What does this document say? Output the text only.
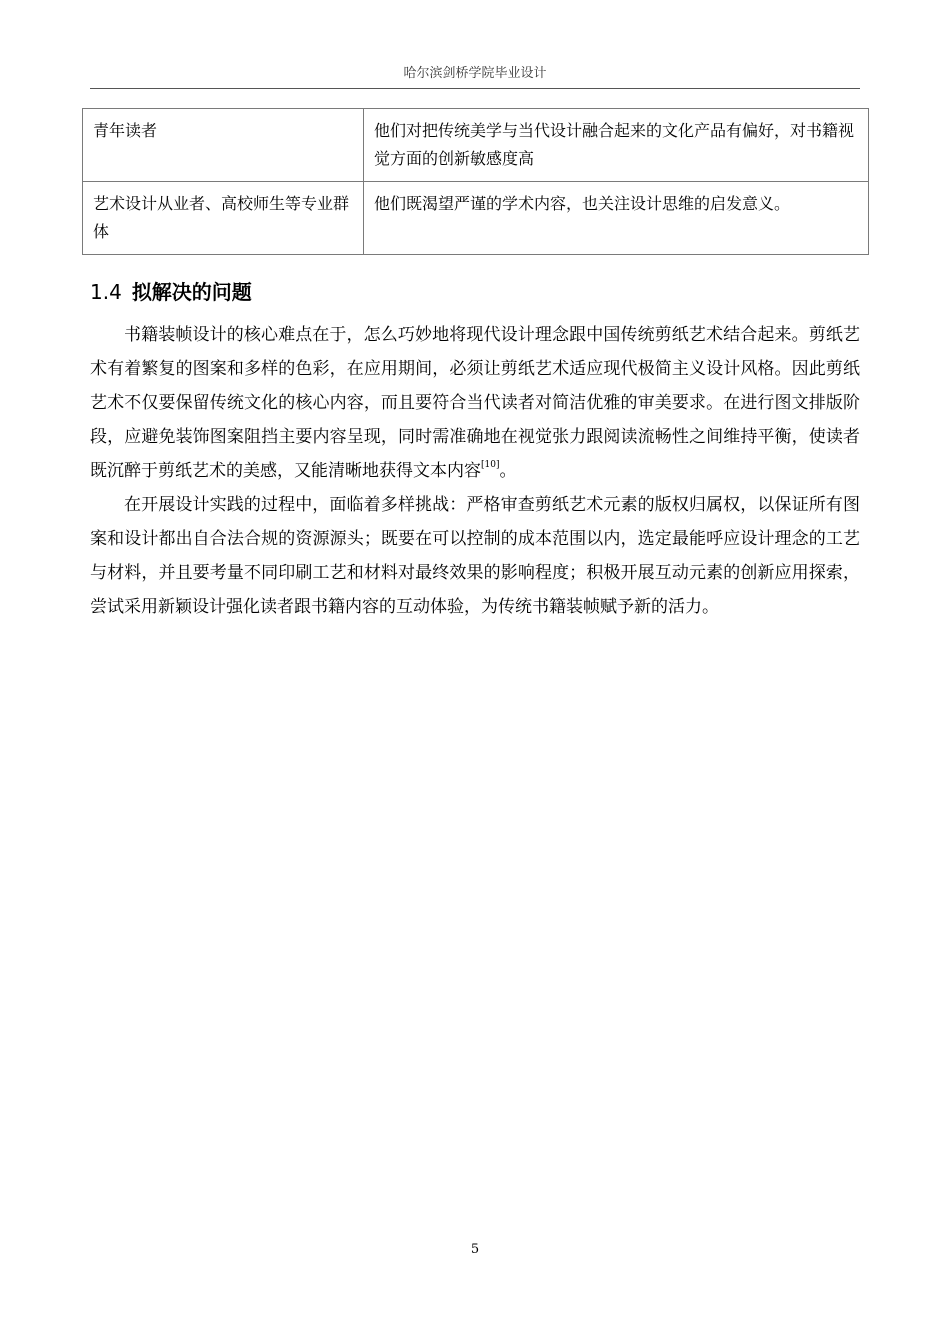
哈尔滨剑桥学院毕业设计
青年读者	他们对把传统美学与当代设计融合起来的文化产品有偏好，对书籍视觉方面的创新敏感度高
艺术设计从业者、高校师生等专业群体	他们既渴望严谨的学术内容，也关注设计思维的启发意义。
1.4 拟解决的问题

书籍装帧设计的核心难点在于，怎么巧妙地将现代设计理念跟中国传统剪纸艺术结合起来。剪纸艺术有着繁复的图案和多样的色彩，在应用期间，必须让剪纸艺术适应现代极简主义设计风格。因此剪纸艺术不仅要保留传统文化的核心内容，而且要符合当代读者对简洁优雅的审美要求。在进行图文排版阶段，应避免装饰图案阻挡主要内容呈现，同时需准确地在视觉张力跟阅读流畅性之间维持平衡，使读者既沉醉于剪纸艺术的美感，又能清晰地获得文本内容[10]。

在开展设计实践的过程中，面临着多样挑战：严格审查剪纸艺术元素的版权归属权，以保证所有图案和设计都出自合法合规的资源源头；既要在可以控制的成本范围以内，选定最能呼应设计理念的工艺与材料，并且要考量不同印刷工艺和材料对最终效果的影响程度；积极开展互动元素的创新应用探索，尝试采用新颖设计强化读者跟书籍内容的互动体验，为传统书籍装帧赋予新的活力。

5
